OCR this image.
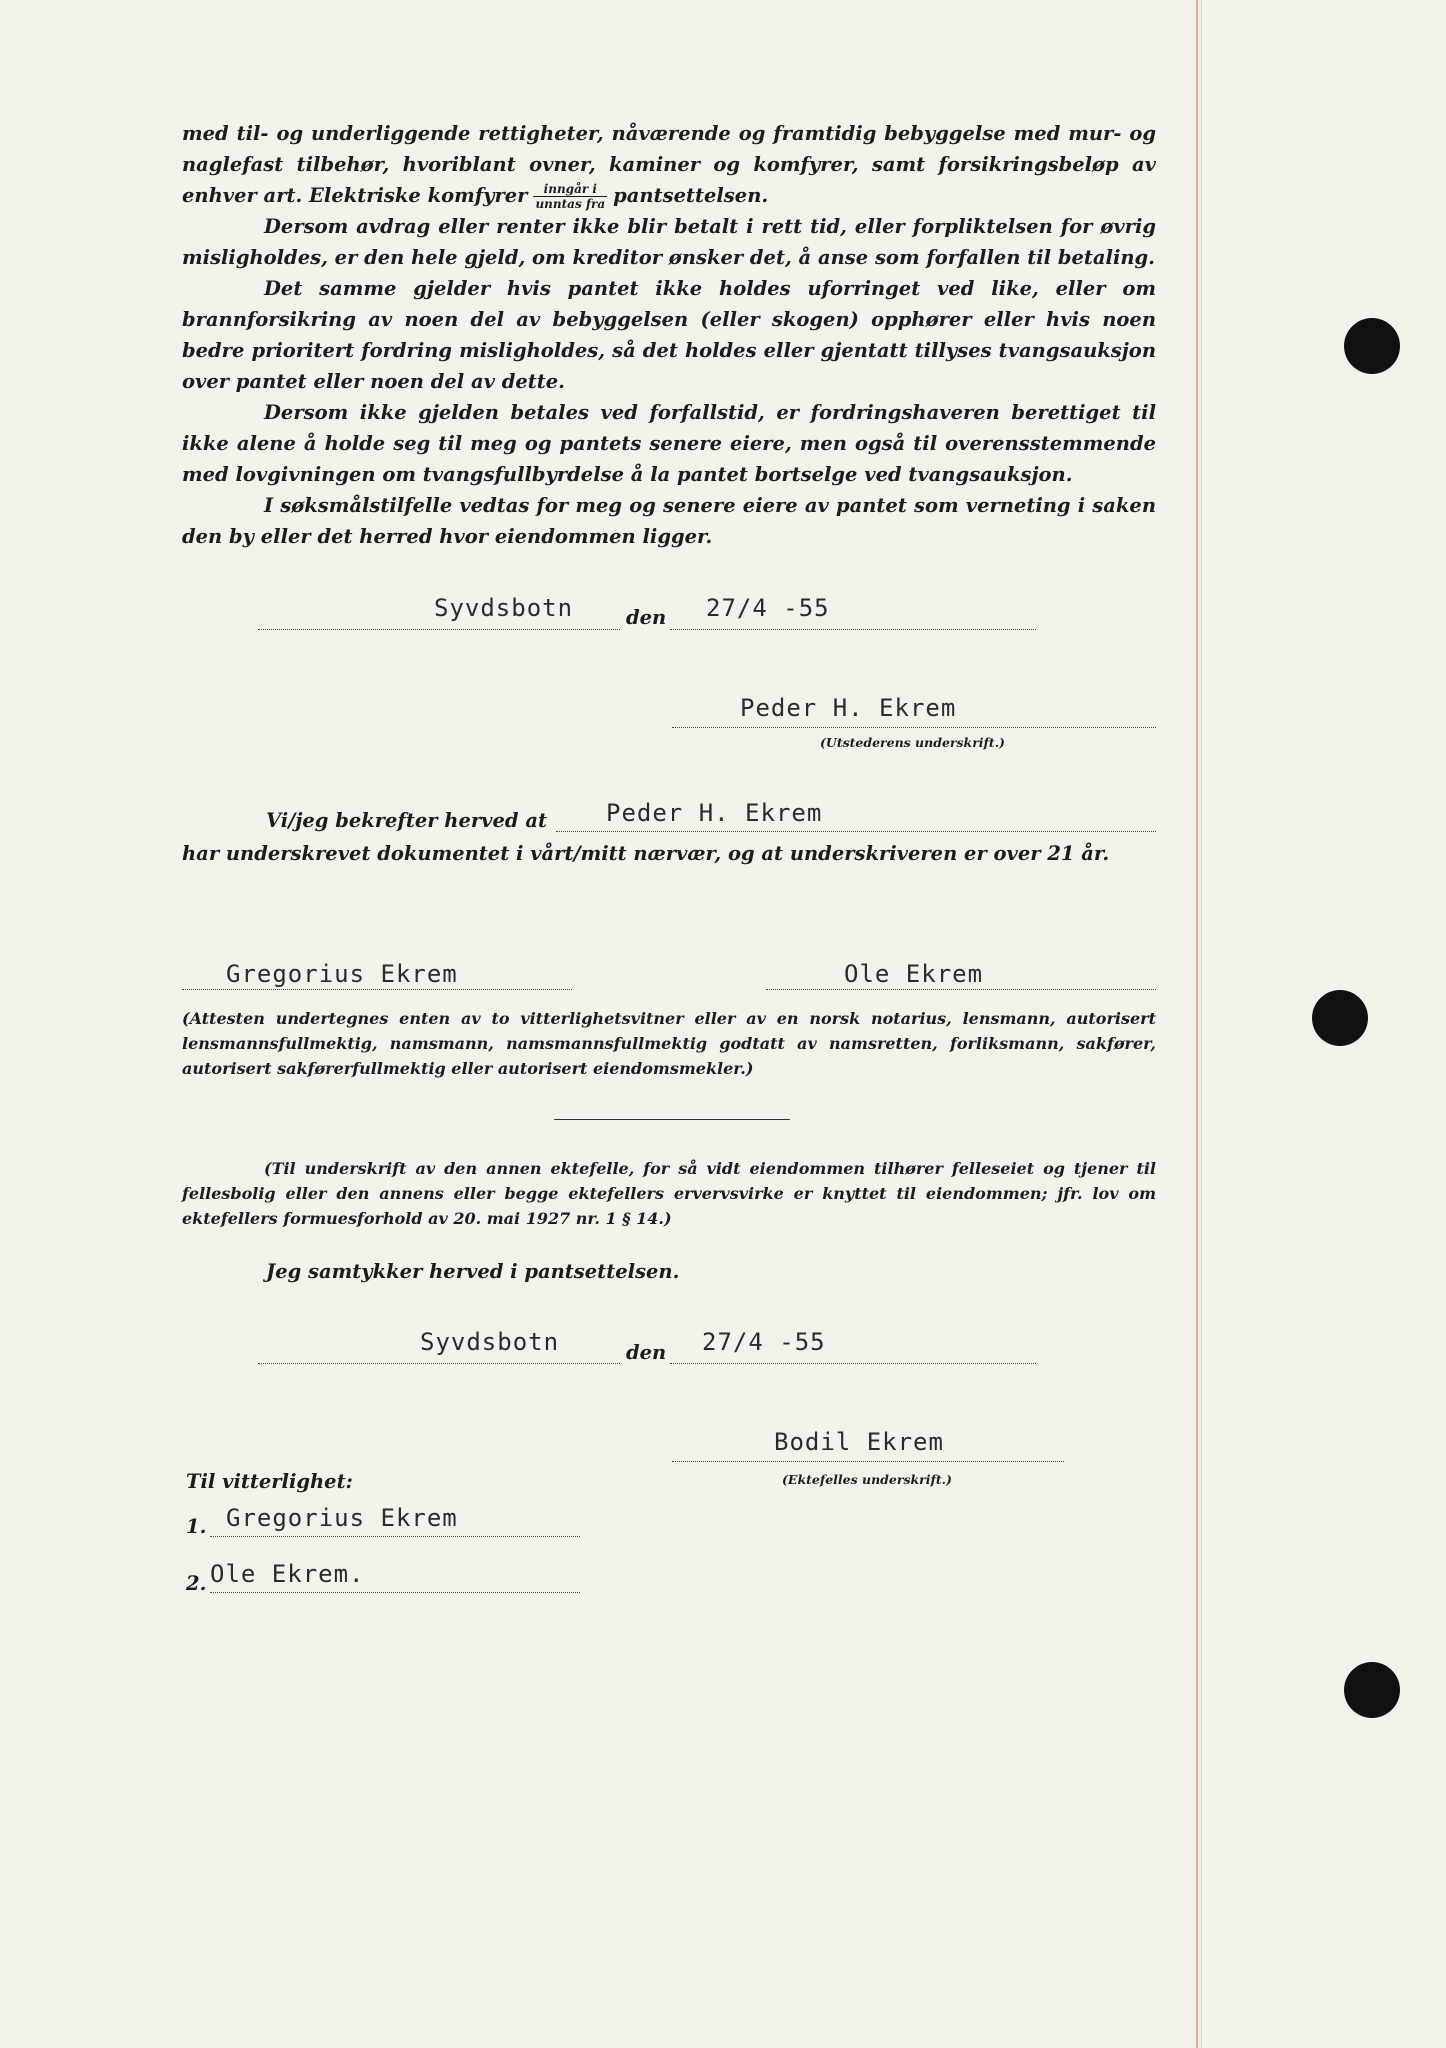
med til- og underliggende rettigheter, nåværende og framtidig bebyggelse med mur- og naglefast tilbehør, hvoriblant ovner, kaminer og komfyrer, samt forsikringsbeløp av enhver art. Elektriske komfyrer $\frac{\text{inngår i}}{\text{unntas fra}}$ pantsettelsen.

Dersom avdrag eller renter ikke blir betalt i rett tid, eller forpliktelsen for øvrig misligholdes, er den hele gjeld, om kreditor ønsker det, å anse som forfallen til betaling.

Det samme gjelder hvis pantet ikke holdes uforringet ved like, eller om brannforsikring av noen del av bebyggelsen (eller skogen) opphører eller hvis noen bedre prioritert fordring misligholdes, så det holdes eller gjentatt tillyses tvangsauksjon over pantet eller noen del av dette.

Dersom ikke gjelden betales ved forfallstid, er fordringshaveren berettiget til ikke alene å holde seg til meg og pantets senere eiere, men også til overensstemmende med lovgivningen om tvangsfullbyrdelse å la pantet bortselge ved tvangsauksjon.

I søksmålstilfelle vedtas for meg og senere eiere av pantet som verneting i saken den by eller det herred hvor eiendommen ligger.

Syvdsbotn	den 27/4 -55
Peder H. Ekrem
(Utstederens underskrift.)
Vi/jeg bekrefter herved at Peder H. Ekrem
har underskrevet dokumentet i vårt/mitt nærvær, og at underskriveren er over 21 år.
Gregorius Ekrem	Ole Ekrem
(Attesten undertegnes enten av to vitterlighetsvitner eller av en norsk notarius, lensmann, autorisert lensmannsfullmektig, namsmann, namsmannsfullmektig godtatt av namsretten, forliksmann, sakfører, autorisert sakførerfullmektig eller autorisert eiendomsmekler.)
(Til underskrift av den annen ektefelle, for så vidt eiendommen tilhører felleseiet og tjener til fellesbolig eller den annens eller begge ektefellers ervervsvirke er knyttet til eiendommen; jfr. lov om ektefellers formuesforhold av 20. mai 1927 nr. 1 § 14.)
Jeg samtykker herved i pantsettelsen.
Syvdsbotn	den 27/4 -55
Bodil Ekrem
(Ektefelles underskrift.)
Til vitterlighet:
1. Gregorius Ekrem
2. Ole Ekrem.
